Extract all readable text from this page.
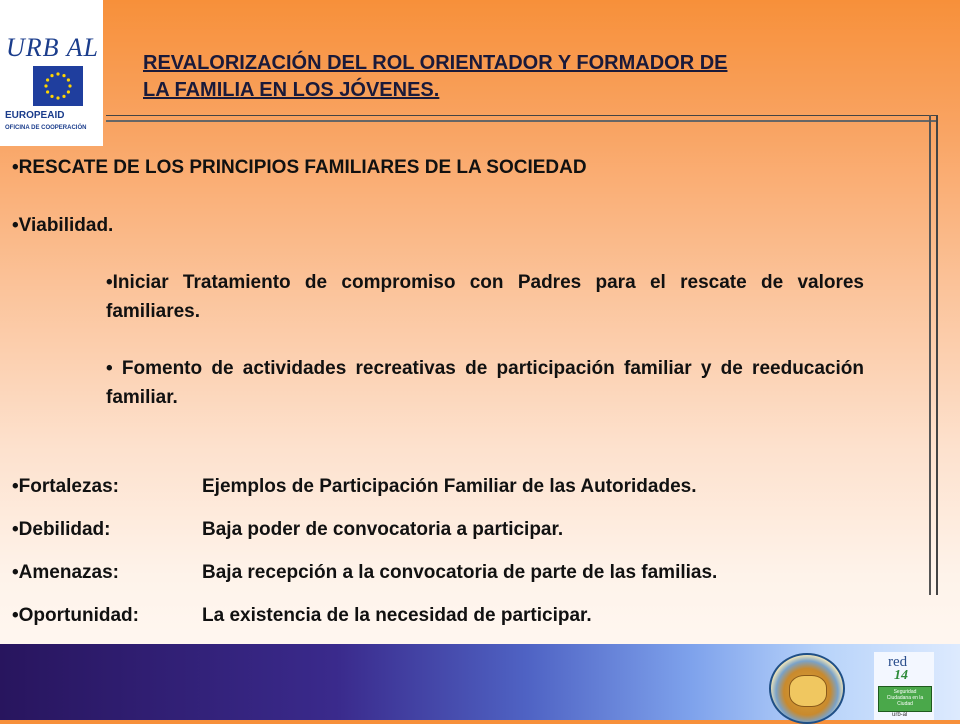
URB AL
EUROPEAID
OFICINA DE COOPERACIÓN
REVALORIZACIÓN DEL ROL ORIENTADOR Y FORMADOR DE
LA FAMILIA EN LOS JÓVENES.
•RESCATE DE LOS PRINCIPIOS FAMILIARES DE LA SOCIEDAD
•Viabilidad.
•Iniciar Tratamiento de compromiso con Padres para el rescate de valores familiares.
• Fomento de actividades recreativas de participación familiar y de reeducación familiar.
•Fortalezas:	Ejemplos de Participación Familiar de las Autoridades.
•Debilidad:	Baja poder de convocatoria a participar.
•Amenazas:	Baja recepción a la convocatoria de parte de las familias.
•Oportunidad:	La existencia de la necesidad de participar.
red
14
Seguridad Ciudadana en la Ciudad
urb-al
